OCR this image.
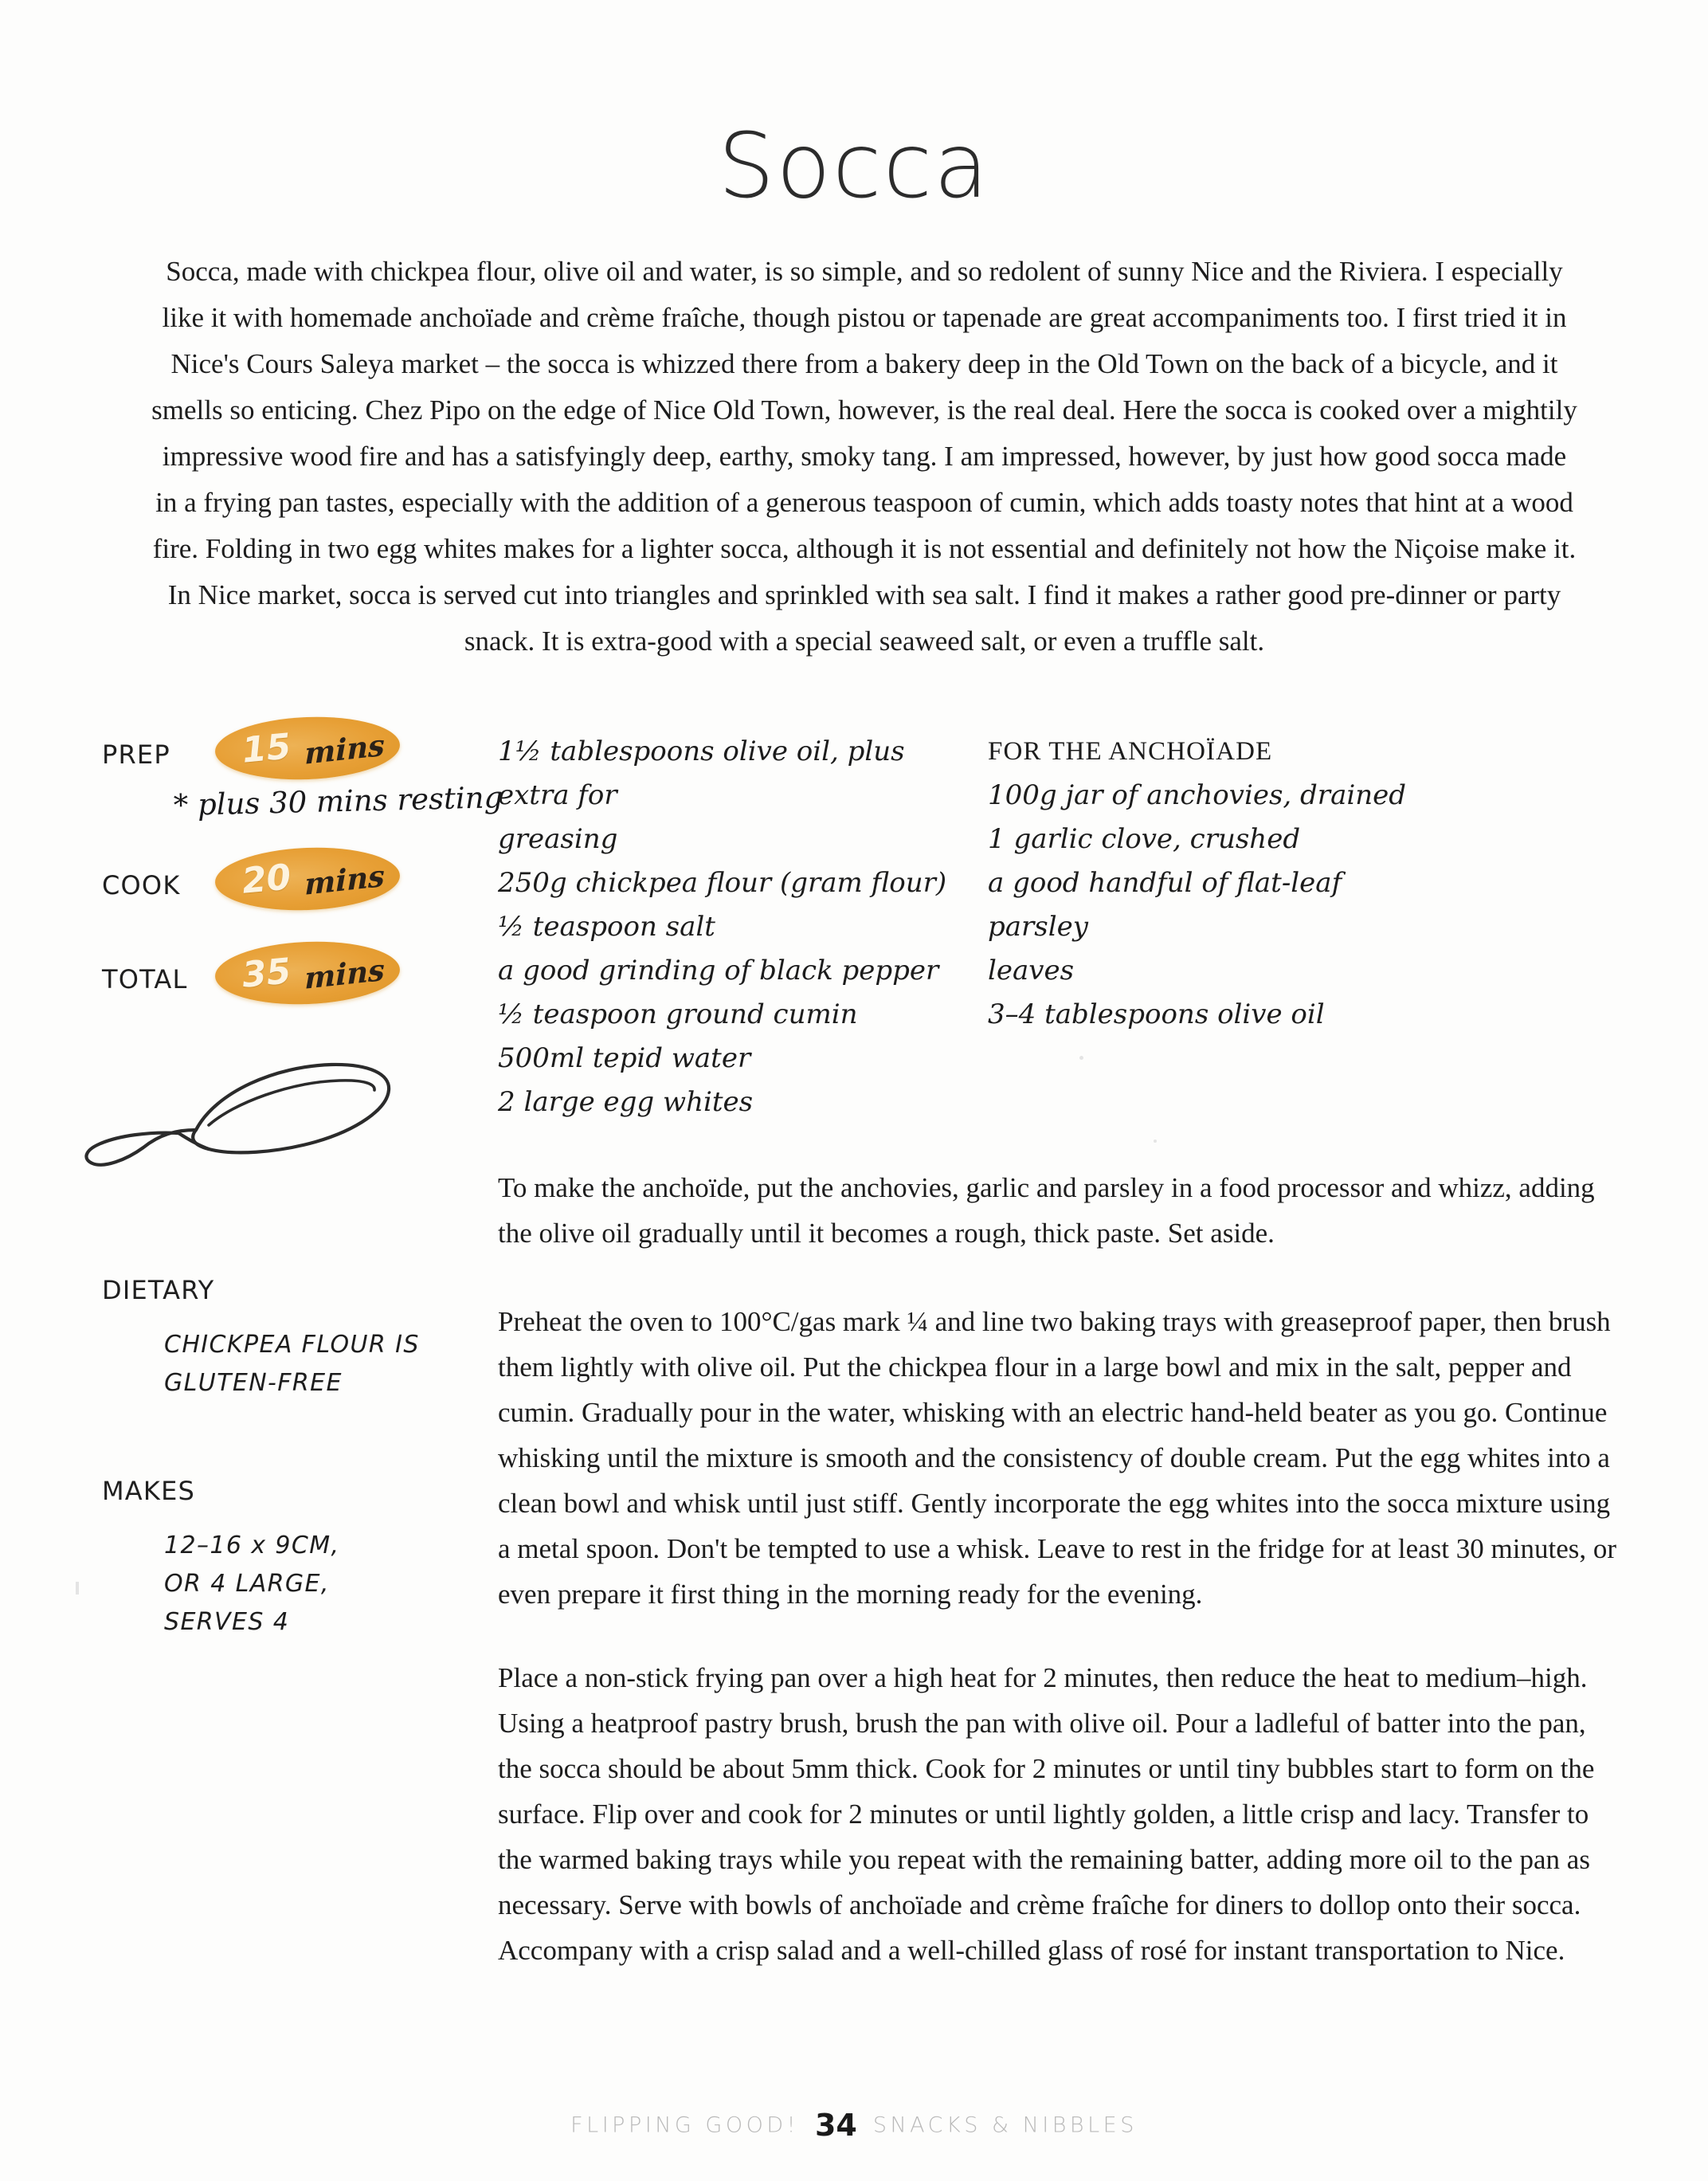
Socca
Socca, made with chickpea flour, olive oil and water, is so simple, and so redolent of sunny Nice and the Riviera. I especially like it with homemade anchoïade and crème fraîche, though pistou or tapenade are great accompaniments too. I first tried it in Nice's Cours Saleya market – the socca is whizzed there from a bakery deep in the Old Town on the back of a bicycle, and it smells so enticing. Chez Pipo on the edge of Nice Old Town, however, is the real deal. Here the socca is cooked over a mightily impressive wood fire and has a satisfyingly deep, earthy, smoky tang. I am impressed, however, by just how good socca made in a frying pan tastes, especially with the addition of a generous teaspoon of cumin, which adds toasty notes that hint at a wood fire. Folding in two egg whites makes for a lighter socca, although it is not essential and definitely not how the Niçoise make it. In Nice market, socca is served cut into triangles and sprinkled with sea salt. I find it makes a rather good pre-dinner or party snack. It is extra-good with a special seaweed salt, or even a truffle salt.
PREP 15 mins
* plus 30 mins resting
COOK 20 mins
TOTAL 35 mins
DIETARY
CHICKPEA FLOUR IS
GLUTEN-FREE
MAKES
12–16 x 9CM,
OR 4 LARGE,
SERVES 4
1½ tablespoons olive oil, plus extra for
greasing
250g chickpea flour (gram flour)
½ teaspoon salt
a good grinding of black pepper
½ teaspoon ground cumin
500ml tepid water
2 large egg whites
FOR THE ANCHOÏADE
100g jar of anchovies, drained
1 garlic clove, crushed
a good handful of flat-leaf parsley
leaves
3–4 tablespoons olive oil

To make the anchoïde, put the anchovies, garlic and parsley in a food processor and whizz, adding the olive oil gradually until it becomes a rough, thick paste. Set aside.

Preheat the oven to 100°C/gas mark ¼ and line two baking trays with greaseproof paper, then brush them lightly with olive oil. Put the chickpea flour in a large bowl and mix in the salt, pepper and cumin. Gradually pour in the water, whisking with an electric hand-held beater as you go. Continue whisking until the mixture is smooth and the consistency of double cream. Put the egg whites into a clean bowl and whisk until just stiff. Gently incorporate the egg whites into the socca mixture using a metal spoon. Don't be tempted to use a whisk. Leave to rest in the fridge for at least 30 minutes, or even prepare it first thing in the morning ready for the evening.

Place a non-stick frying pan over a high heat for 2 minutes, then reduce the heat to medium–high. Using a heatproof pastry brush, brush the pan with olive oil. Pour a ladleful of batter into the pan, the socca should be about 5mm thick. Cook for 2 minutes or until tiny bubbles start to form on the surface. Flip over and cook for 2 minutes or until lightly golden, a little crisp and lacy. Transfer to the warmed baking trays while you repeat with the remaining batter, adding more oil to the pan as necessary. Serve with bowls of anchoïade and crème fraîche for diners to dollop onto their socca. Accompany with a crisp salad and a well-chilled glass of rosé for instant transportation to Nice.

FLIPPING GOOD! 34 SNACKS & NIBBLES
